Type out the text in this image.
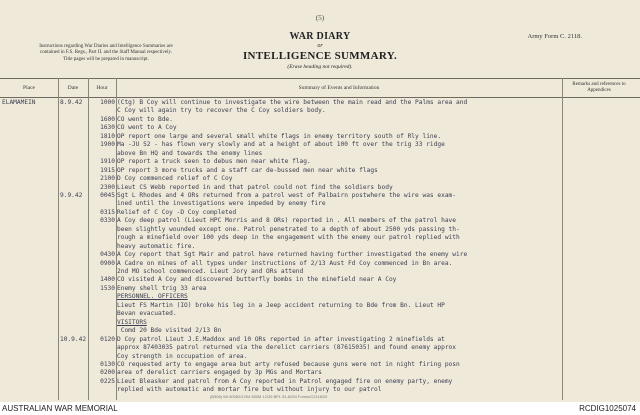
(5)
Instructions regarding War Diaries and Intelligence Summaries are contained in F.S. Regs., Part II. and the Staff Manual respectively. Title pages will be prepared in manuscript.
Army Form C. 2118.
WAR DIARY
or
INTELLIGENCE SUMMARY.
(Erase heading not required).
Place	Date	Hour	Summary of Events and Information
Remarks and references to Appendices
ELAMAMEIN	8.9.42	1000 (Ctg) B Coy will continue to investigate the wire between the main read and the Palms area and
C Coy will again try to recover the C Coy soldiers body.
1600 CO went to Bde.
1630 CO went to A Coy
1810 OP report one large and several small white flags in enemy territory south of Rly line.
1900 Ma -JU 52 - has flown very slowly and at a height of about 100 ft over the trig 33 ridge
above Bn HQ and towards the enemy lines
1910 OP report a truck seen to debus men near white flag.
1915 OP report 3 more trucks and a staff car de-bussed men near white flags
2100 D Coy commenced relief of C Coy
2300 Lieut CS Webb reported in and that patrol could not find the soldiers body
9.9.42	0045 Sgt L Rhodes and 4 ORs returned from a patrol west of Palbairn postwhere the wire was exam-
ined until the investigations were impeded by enemy fire
0315 Relief of C Coy -D Coy completed
0330 A Coy deep patrol (Lieut HPC Morris and 8 ORs) reported in . All members of the patrol have
been slightly wounded except one. Patrol penetrated to a depth of about 2500 yds passing th-
rough a minefield over 100 yds deep in the engagement with the enemy our patrol replied with
heavy automatic fire.
0430 A Coy report that Sgt Mair and patrol have returned having further investigated the enemy wire
0900 A Cadre on mines of all types under instructions of 2/13 Aust Fd Coy commenced in Bn area.
2nd MO school commenced. Lieut Jory and ORs attend
1400 CO visited A Coy and discovered butterfly bombs in the minefield near A Coy
1530 Enemy shell trig 33 area
PERSONNEL. OFFICERS
Lieut FS Martin (IO) broke his leg in a Jeep accident returning to Bde from Bn. Lieut HP
Bevan evacuated.
VISITORS
Comd 20 Bde visited 2/13 Bn
10.9.42	0120 D Coy patrol Lieut J.E.Maddox and 10 ORs reported in after investigating 2 minefields at
approx 87403035 patrol returned via the derelict carriers (87615035) and found enemy approx
Coy strength in occupation of area.
0130 CO requested arty to engage area but arty refused because guns were not in night firing posn
0200 area of derelict carriers engaged by 3p MGs and Mortars
0225 Lieut Bleasker and patrol from A Coy reported in Patrol engaged fire on enemy party, enemy
replied with automatic and mortar fire but without injury to our patrol
(B306) Wt.30052/1294 500M 12/39 BPL 51-6294 Forms/C2118/20
AUSTRALIAN WAR MEMORIAL	RCDIG1025074
